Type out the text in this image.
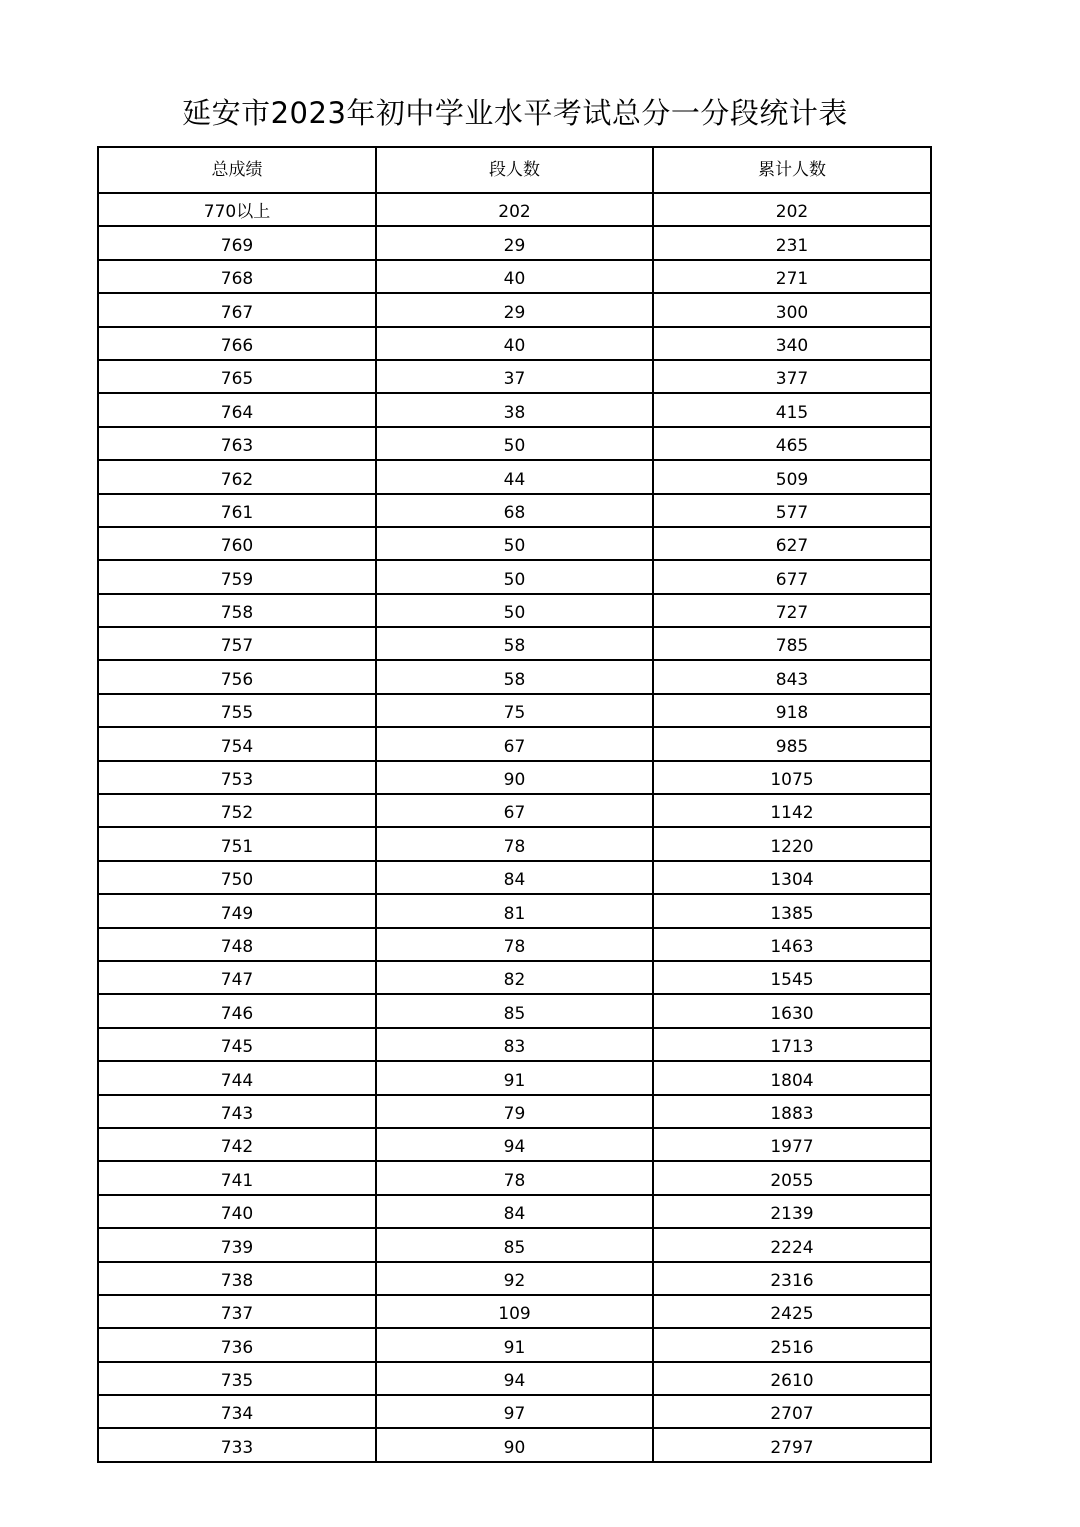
延安市2023年初中学业水平考试总分一分段统计表
总成绩	段人数	累计人数
770以上	202	202
769	29	231
768	40	271
767	29	300
766	40	340
765	37	377
764	38	415
763	50	465
762	44	509
761	68	577
760	50	627
759	50	677
758	50	727
757	58	785
756	58	843
755	75	918
754	67	985
753	90	1075
752	67	1142
751	78	1220
750	84	1304
749	81	1385
748	78	1463
747	82	1545
746	85	1630
745	83	1713
744	91	1804
743	79	1883
742	94	1977
741	78	2055
740	84	2139
739	85	2224
738	92	2316
737	109	2425
736	91	2516
735	94	2610
734	97	2707
733	90	2797
